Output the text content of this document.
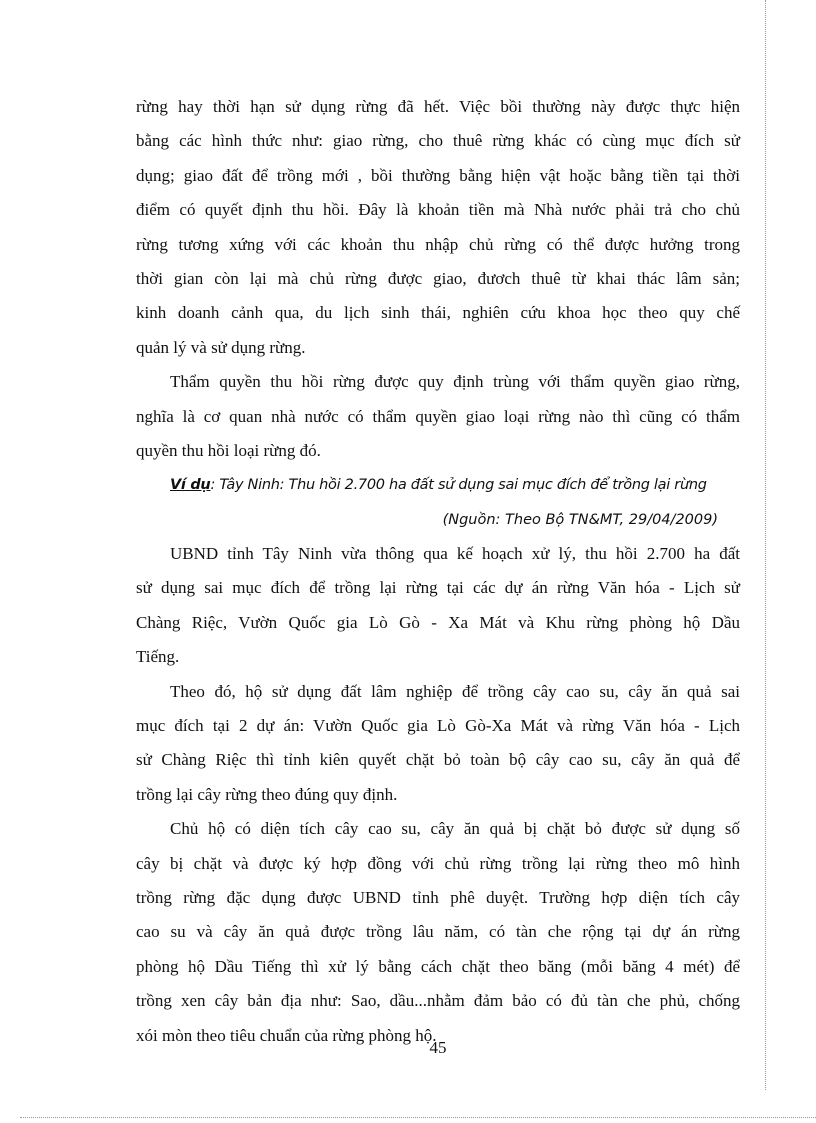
rừng hay thời hạn sử dụng rừng đã hết. Việc bồi thường này được thực hiện
bằng các hình thức như: giao rừng, cho thuê rừng khác có cùng mục đích sử
dụng; giao đất để trồng mới , bồi thường bằng hiện vật hoặc bằng tiền tại thời
điểm có quyết định thu hồi. Đây là khoản tiền mà Nhà nước phải trả cho chủ
rừng tương xứng với các khoản thu nhập chủ rừng có thể được hưởng trong
thời gian còn lại mà chủ rừng được giao, đươch thuê từ khai thác lâm sản;
kinh doanh cảnh qua, du lịch sinh thái, nghiên cứu khoa học theo quy chế
quản lý và sử dụng rừng.
Thẩm quyền thu hồi rừng được quy định trùng với thẩm quyền giao rừng,
nghĩa là cơ quan nhà nước có thẩm quyền giao loại rừng nào thì cũng có thẩm
quyền thu hồi loại rừng đó.
Ví dụ: Tây Ninh: Thu hồi 2.700 ha đất sử dụng sai mục đích để trồng lại rừng
(Nguồn: Theo Bộ TN&MT, 29/04/2009)
UBND tỉnh Tây Ninh vừa thông qua kế hoạch xử lý, thu hồi 2.700 ha đất
sử dụng sai mục đích để trồng lại rừng tại các dự án rừng Văn hóa - Lịch sử
Chàng Riệc, Vườn Quốc gia Lò Gò - Xa Mát và Khu rừng phòng hộ Dầu
Tiếng.
Theo đó, hộ sử dụng đất lâm nghiệp để trồng cây cao su, cây ăn quả sai
mục đích tại 2 dự án: Vườn Quốc gia Lò Gò-Xa Mát và rừng Văn hóa - Lịch
sử Chàng Riệc thì tỉnh kiên quyết chặt bỏ toàn bộ cây cao su, cây ăn quả để
trồng lại cây rừng theo đúng quy định.
Chủ hộ có diện tích cây cao su, cây ăn quả bị chặt bỏ được sử dụng số
cây bị chặt và được ký hợp đồng với chủ rừng trồng lại rừng theo mô hình
trồng rừng đặc dụng được UBND tỉnh phê duyệt. Trường hợp diện tích cây
cao su và cây ăn quả được trồng lâu năm, có tàn che rộng tại dự án rừng
phòng hộ Dầu Tiếng thì xử lý bằng cách chặt theo băng (mỗi băng 4 mét) để
trồng xen cây bản địa như: Sao, dầu...nhằm đảm bảo có đủ tàn che phủ, chống
xói mòn theo tiêu chuẩn của rừng phòng hộ.
45
